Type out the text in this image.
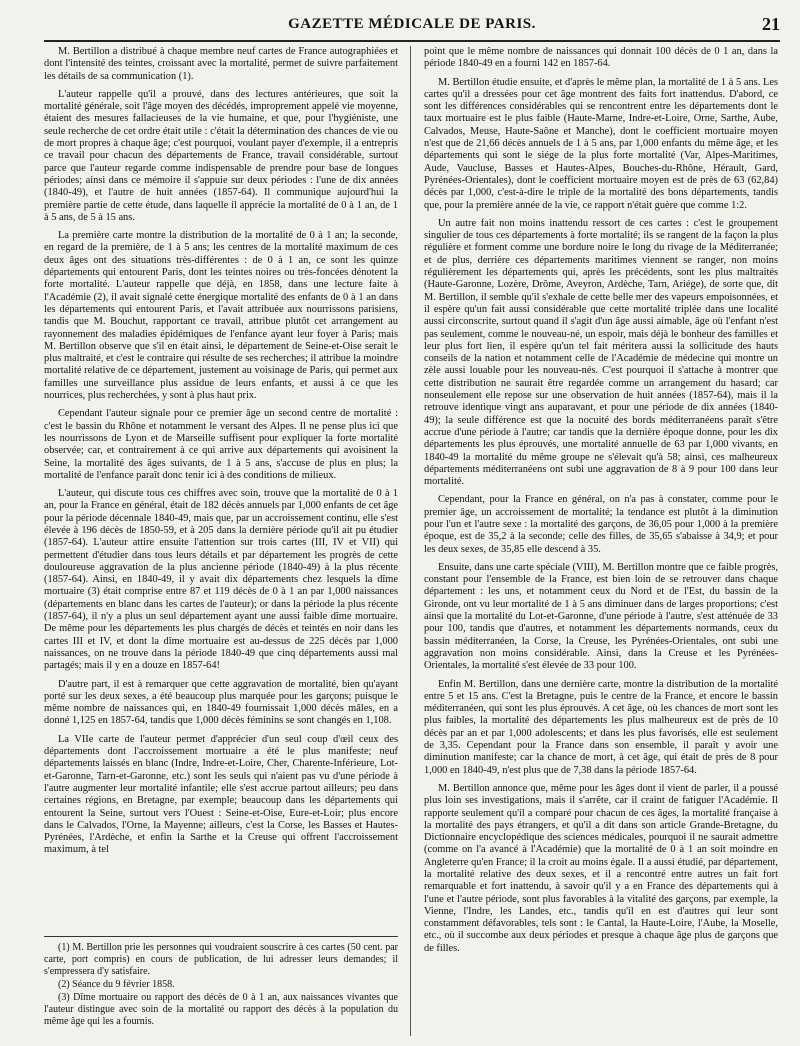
GAZETTE MÉDICALE DE PARIS.	21

M. Bertillon a distribué à chaque membre neuf cartes de France autographiées et dont l'intensité des teintes, croissant avec la mortalité, permet de suivre parfaitement les détails de sa communication (1).

L'auteur rappelle qu'il a prouvé, dans des lectures antérieures, que soit la mortalité générale, soit l'âge moyen des décédés, improprement appelé vie moyenne, étaient des mesures fallacieuses de la vie humaine, et que, pour l'hygiéniste, une seule recherche de cet ordre était utile : c'était la détermination des chances de vie ou de mort propres à chaque âge; c'est pourquoi, voulant payer d'exemple, il a entrepris ce travail pour chacun des départements de France, travail considérable, surtout parce que l'auteur regarde comme indispensable de prendre pour base de longues périodes; ainsi dans ce mémoire il s'appuie sur deux périodes : l'une de dix années (1840-49), et l'autre de huit années (1857-64). Il communique aujourd'hui la première partie de cette étude, dans laquelle il apprécie la mortalité de 0 à 1 an, de 1 à 5 ans, de 5 à 15 ans.

La première carte montre la distribution de la mortalité de 0 à 1 an; la seconde, en regard de la première, de 1 à 5 ans; les centres de la mortalité maximum de ces deux âges ont des situations très-différentes : de 0 à 1 an, ce sont les quinze départements qui entourent Paris, dont les teintes noires ou très-foncées dénotent la forte mortalité. L'auteur rappelle que déjà, en 1858, dans une lecture faite à l'Académie (2), il avait signalé cette énergique mortalité des enfants de 0 à 1 an dans les départements qui entourent Paris, et l'avait attribuée aux nourrissons parisiens, tandis que M. Bouchut, rapportant ce travail, attribue plutôt cet arrangement au rayonnement des maladies épidémiques de l'enfance ayant leur foyer à Paris; mais M. Bertillon observe que s'il en était ainsi, le département de Seine-et-Oise serait le plus maltraité, et c'est le contraire qui résulte de ses recherches; il attribue la moindre mortalité relative de ce département, justement au voisinage de Paris, qui permet aux familles une surveillance plus assidue de leurs enfants, et aussi à ce que les nourrices, plus recherchées, y sont à plus haut prix.

Cependant l'auteur signale pour ce premier âge un second centre de mortalité : c'est le bassin du Rhône et notamment le versant des Alpes. Il ne pense plus ici que les nourrissons de Lyon et de Marseille suffisent pour expliquer la forte mortalité observée; car, et contrairement à ce qui arrive aux départements qui avoisinent la Seine, la mortalité des âges suivants, de 1 à 5 ans, s'accuse de plus en plus; la mortalité de l'enfance paraît donc tenir ici à des conditions de milieux.

L'auteur, qui discute tous ces chiffres avec soin, trouve que la mortalité de 0 à 1 an, pour la France en général, était de 182 décès annuels par 1,000 enfants de cet âge pour la période décennale 1840-49, mais que, par un accroissement continu, elle s'est élevée à 196 décès de 1850-59, et à 205 dans la dernière période qu'il ait pu étudier (1857-64). L'auteur attire ensuite l'attention sur trois cartes (III, IV et VII) qui permettent d'étudier dans tous leurs détails et par département les progrès de cette douloureuse aggravation de la plus ancienne période (1840-49) à la plus récente (1857-64). Ainsi, en 1840-49, il y avait dix départements chez lesquels la dîme mortuaire (3) était comprise entre 87 et 119 décès de 0 à 1 an par 1,000 naissances (départements en blanc dans les cartes de l'auteur); or dans la période la plus récente (1857-64), il n'y a plus un seul département ayant une aussi faible dîme mortuaire. De même pour les départements les plus chargés de décès et teintés en noir dans les cartes III et IV, et dont la dîme mortuaire est au-dessus de 225 décès par 1,000 naissances, on ne trouve dans la période 1840-49 que cinq départements aussi mal partagés; mais il y en a douze en 1857-64!

D'autre part, il est à remarquer que cette aggravation de mortalité, bien qu'ayant porté sur les deux sexes, a été beaucoup plus marquée pour les garçons; puisque le même nombre de naissances qui, en 1840-49 fournissait 1,000 décès mâles, en a donné 1,125 en 1857-64, tandis que 1,000 décès féminins se sont changés en 1,108.

La VIIe carte de l'auteur permet d'apprécier d'un seul coup d'œil ceux des départements dont l'accroissement mortuaire a été le plus manifeste; neuf départements laissés en blanc (Indre, Indre-et-Loire, Cher, Charente-Inférieure, Lot-et-Garonne, Tarn-et-Garonne, etc.) sont les seuls qui n'aient pas vu d'une période à l'autre augmenter leur mortalité infantile; elle s'est accrue partout ailleurs; peu dans certaines régions, en Bretagne, par exemple; beaucoup dans les départements qui entourent la Seine, surtout vers l'Ouest : Seine-et-Oise, Eure-et-Loir; plus encore dans le Calvados, l'Orne, la Mayenne; ailleurs, c'est la Corse, les Basses et Hautes-Pyrénées, l'Ardèche, et enfin la Sarthe et la Creuse qui offrent l'accroissement maximum, à tel

(1) M. Bertillon prie les personnes qui voudraient souscrire à ces cartes (50 cent. par carte, port compris) en cours de publication, de lui adresser leurs demandes; il s'empressera d'y satisfaire.

(2) Séance du 9 février 1858.

(3) Dîme mortuaire ou rapport des décès de 0 à 1 an, aux naissances vivantes que l'auteur distingue avec soin de la mortalité ou rapport des décès à la population du même âge qui les a fournis.

point que le même nombre de naissances qui donnait 100 décès de 0 1 an, dans la période 1840-49 en a fourni 142 en 1857-64.

M. Bertillon étudie ensuite, et d'après le même plan, la mortalité de 1 à 5 ans. Les cartes qu'il a dressées pour cet âge montrent des faits fort inattendus. D'abord, ce sont les différences considérables qui se rencontrent entre les départements dont le taux mortuaire est le plus faible (Haute-Marne, Indre-et-Loire, Orne, Sarthe, Aube, Calvados, Meuse, Haute-Saône et Manche), dont le coefficient mortuaire moyen n'est que de 21,66 décès annuels de 1 à 5 ans, par 1,000 enfants du même âge, et les départements qui sont le siége de la plus forte mortalité (Var, Alpes-Maritimes, Aude, Vaucluse, Basses et Hautes-Alpes, Bouches-du-Rhône, Hérault, Gard, Pyrénées-Orientales), dont le coefficient mortuaire moyen est de près de 63 (62,84) décès par 1,000, c'est-à-dire le triple de la mortalité des bons départements, tandis que, pour la première année de la vie, ce rapport n'était guère que comme 1:2.

Un autre fait non moins inattendu ressort de ces cartes : c'est le groupement singulier de tous ces départements à forte mortalité; ils se rangent de la façon la plus régulière et forment comme une bordure noire le long du rivage de la Méditerranée; et de plus, derrière ces départements maritimes viennent se ranger, non moins régulièrement les départements qui, après les précédents, sont les plus maltraités (Haute-Garonne, Lozère, Drôme, Aveyron, Ardèche, Tarn, Ariége), de sorte que, dit M. Bertillon, il semble qu'il s'exhale de cette belle mer des vapeurs empoisonnées, et il espère qu'un fait aussi considérable que cette mortalité triplée dans une localité aussi circonscrite, surtout quand il s'agit d'un âge aussi aimable, âge où l'enfant n'est pas seulement, comme le nouveau-né, un espoir, mais déjà le bonheur des familles et leur plus fort lien, il espère qu'un tel fait méritera aussi la sollicitude des hauts conseils de la nation et notamment celle de l'Académie de médecine qui montre un zèle aussi louable pour les nouveau-nés. C'est pourquoi il s'attache à montrer que cette distribution ne saurait être regardée comme un arrangement du hasard; car nonseulement elle repose sur une observation de huit années (1857-64), mais il la retrouve identique vingt ans auparavant, et pour une période de dix années (1840-49); la seule différence est que la nocuité des bords méditerranéens paraît s'être accrue d'une période à l'autre; car tandis que la dernière époque donne, pour les dix départements les plus éprouvés, une mortalité annuelle de 63 par 1,000 vivants, en 1840-49 la mortalité du même groupe ne s'élevait qu'à 58; ainsi, ces malheureux départements méditerranéens ont subi une aggravation de 8 à 9 pour 100 dans leur mortalité.

Cependant, pour la France en général, on n'a pas à constater, comme pour le premier âge, un accroissement de mortalité; la tendance est plutôt à la diminution pour l'un et l'autre sexe : la mortalité des garçons, de 36,05 pour 1,000 à la première époque, est de 35,2 à la seconde; celle des filles, de 35,65 s'abaisse à 34,9; et pour les deux sexes, de 35,85 elle descend à 35.

Ensuite, dans une carte spéciale (VIII), M. Bertillon montre que ce faible progrès, constant pour l'ensemble de la France, est bien loin de se retrouver dans chaque département : les uns, et notamment ceux du Nord et de l'Est, du bassin de la Gironde, ont vu leur mortalité de 1 à 5 ans diminuer dans de larges proportions; c'est ainsi que la mortalité du Lot-et-Garonne, d'une période à l'autre, s'est atténuée de 33 pour 100, tandis que d'autres, et notamment les départements normands, ceux du bassin méditerranéen, la Corse, la Creuse, les Pyrénées-Orientales, ont subi une aggravation non moins considérable. Ainsi, dans la Creuse et les Pyrénées-Orientales, la mortalité s'est élevée de 33 pour 100.

Enfin M. Bertillon, dans une dernière carte, montre la distribution de la mortalité entre 5 et 15 ans. C'est la Bretagne, puis le centre de la France, et encore le bassin méditerranéen, qui sont les plus éprouvés. A cet âge, où les chances de mort sont les plus faibles, la mortalité des départements les plus malheureux est de près de 10 décès par an et par 1,000 adolescents; et dans les plus favorisés, elle est seulement de 3,35. Cependant pour la France dans son ensemble, il paraît y avoir une diminution manifeste; car la chance de mort, à cet âge, qui était de près de 8 pour 1,000 en 1840-49, n'est plus que de 7,38 dans la période 1857-64.

M. Bertillon annonce que, même pour les âges dont il vient de parler, il a poussé plus loin ses investigations, mais il s'arrête, car il craint de fatiguer l'Académie. Il rapporte seulement qu'il a comparé pour chacun de ces âges, la mortalité française à la mortalité des pays étrangers, et qu'il a dit dans son article Grande-Bretagne, du Dictionnaire encyclopédique des sciences médicales, pourquoi il ne saurait admettre (comme on l'a avancé à l'Académie) que la mortalité de 0 à 1 an soit moindre en Angleterre qu'en France; il la croit au moins égale. Il a aussi étudié, par département, la mortalité relative des deux sexes, et il a rencontré entre autres un fait fort remarquable et fort inattendu, à savoir qu'il y a en France des départements qui à l'une et l'autre période, sont plus favorables à la vitalité des garçons, par exemple, la Vienne, l'Indre, les Landes, etc., tandis qu'il en est d'autres qui leur sont constamment défavorables, tels sont : le Cantal, la Haute-Loire, l'Aube, la Moselle, etc., où il succombe aux deux périodes et presque à chaque âge plus de garçons que de filles.
